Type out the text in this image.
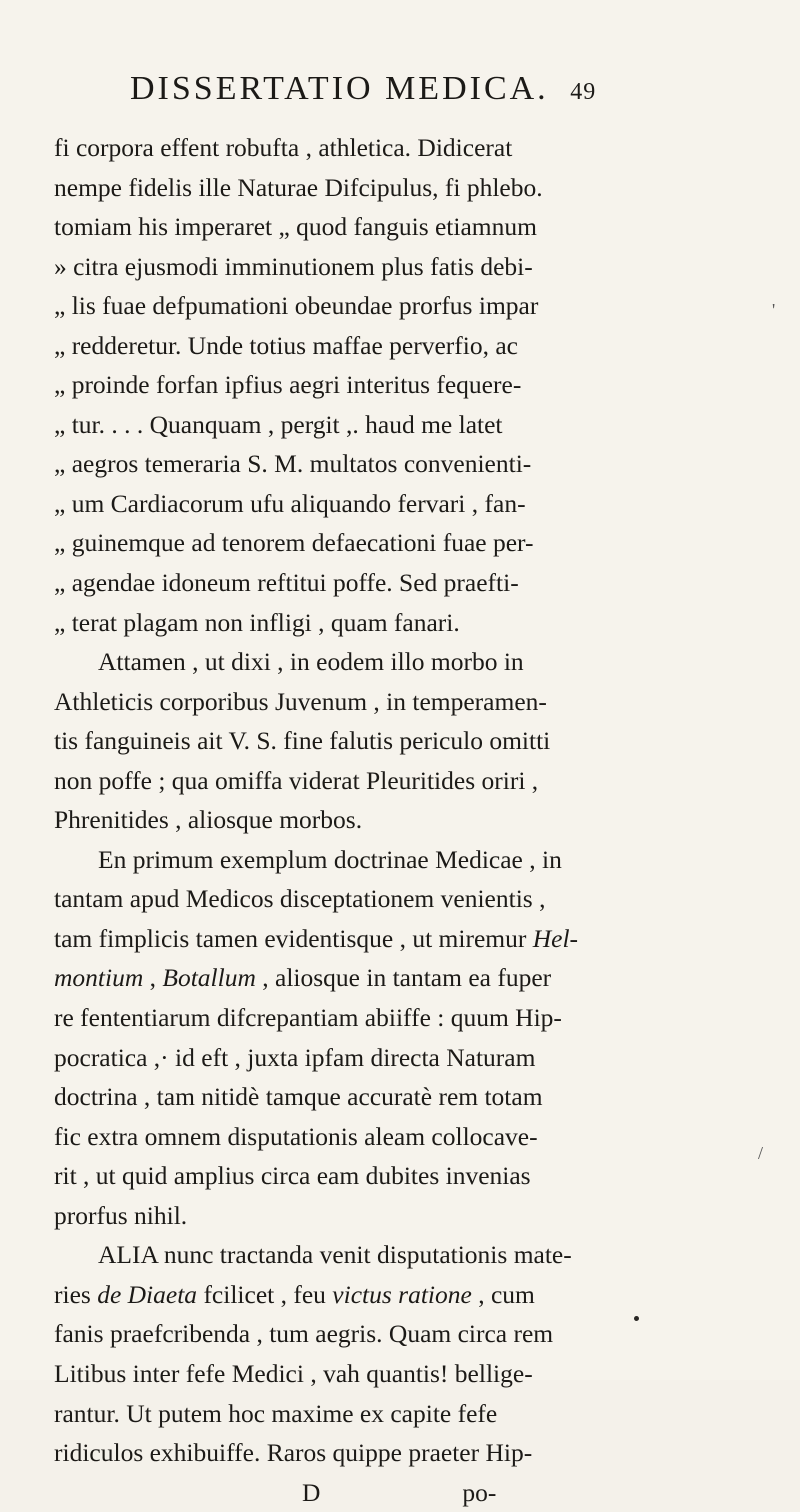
DISSERTATIO MEDICA. 49
fi corpora effent robufta , athletica. Didicerat
nempe fidelis ille Naturae Difcipulus, fi phlebo.
tomiam his imperaret „ quod fanguis etiamnum
» citra ejusmodi imminutionem plus fatis debi-
„ lis fuae defpumationi obeundae prorfus impar
„ redderetur. Unde totius maffae perverfio, ac
„ proinde forfan ipfius aegri interitus fequere-
„ tur. . . . Quanquam , pergit ,. haud me latet
„ aegros temeraria S. M. multatos convenienti-
„ um Cardiacorum ufu aliquando fervari , fan-
„ guinemque ad tenorem defaecationi fuae per-
„ agendae idoneum reftitui poffe. Sed praefti-
„ terat plagam non infligi , quam fanari.
Attamen , ut dixi , in eodem illo morbo in
Athleticis corporibus Juvenum , in temperamen-
tis fanguineis ait V. S. fine falutis periculo omitti
non poffe ; qua omiffa viderat Pleuritides oriri ,
Phrenitides , aliosque morbos.
En primum exemplum doctrinae Medicae , in
tantam apud Medicos disceptationem venientis ,
tam fimplicis tamen evidentisque , ut miremur Hel-
montium , Botallum , aliosque in tantam ea fuper
re fententiarum difcrepantiam abiiffe : quum Hip-
pocratica ,· id eft , juxta ipfam directa Naturam
doctrina , tam nitidè tamque accuratè rem totam
fic extra omnem disputationis aleam collocave-
rit , ut quid amplius circa eam dubites invenias
prorfus nihil.
ALIA nunc tractanda venit disputationis mate-
ries de Diaeta fcilicet , feu victus ratione , cum
fanis praefcribenda , tum aegris. Quam circa rem
Litibus inter fefe Medici , vah quantis! bellige-
rantur. Ut putem hoc maxime ex capite fefe
ridiculos exhibuiffe. Raros quippe praeter Hip-
D	po-
'
/
